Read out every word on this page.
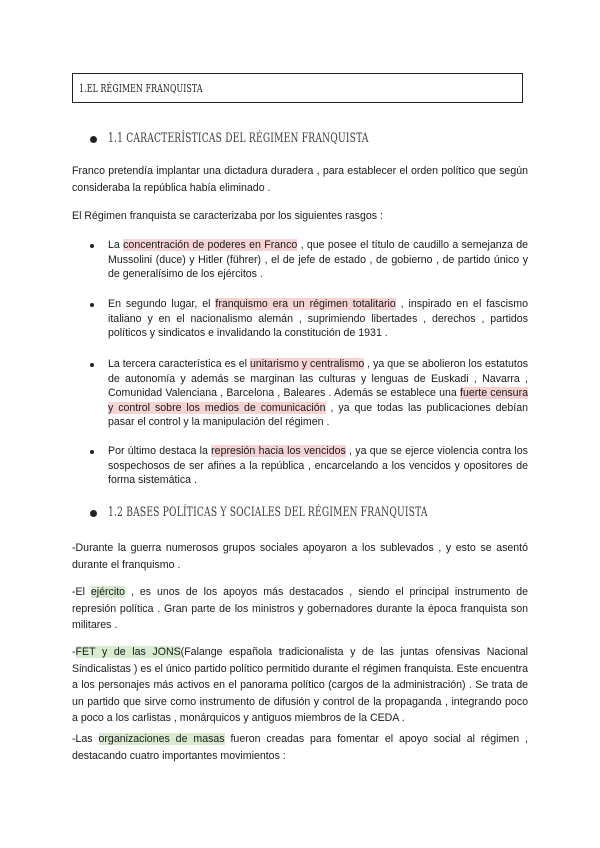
1.EL RÉGIMEN FRANQUISTA
1.1 CARACTERÍSTICAS DEL RÉGIMEN FRANQUISTA

Franco pretendía implantar una dictadura duradera , para establecer el orden político que según consideraba la república había eliminado .

El Régimen franquista se caracterizaba por los siguientes rasgos :

La concentración de poderes en Franco , que posee el título de caudillo a semejanza de Mussolini (duce) y Hitler (führer) , el de jefe de estado , de gobierno , de partido único y de generalísimo de los ejércitos .

En segundo lugar, el franquismo era un régimen totalitario , inspirado en el fascismo italiano y en el nacionalismo alemán , suprimiendo libertades , derechos , partidos políticos y sindicatos e invalidando la constitución de 1931 .

La tercera característica es el unitarismo y centralismo , ya que se abolieron los estatutos de autonomía y además se marginan las culturas y lenguas de Euskadi , Navarra , Comunidad Valenciana , Barcelona , Baleares . Además se establece una fuerte censura y control sobre los medios de comunicación , ya que todas las publicaciones debían pasar el control y la manipulación del régimen .

Por último destaca la represión hacia los vencidos , ya que se ejerce violencia contra los sospechosos de ser afines a la república , encarcelando a los vencidos y opositores de forma sistemática .

1.2 BASES POLÍTICAS Y SOCIALES DEL RÉGIMEN FRANQUISTA

-Durante la guerra numerosos grupos sociales apoyaron a los sublevados , y esto se asentó durante el franquismo .

-El ejército , es unos de los apoyos más destacados , siendo el principal instrumento de represión política . Gran parte de los ministros y gobernadores durante la época franquista son militares .

-FET y de las JONS(Falange española tradicionalista y de las juntas ofensivas Nacional Sindicalistas ) es el único partido político permitido durante el régimen franquista. Este encuentra a los personajes más activos en el panorama político (cargos de la administración) . Se trata de un partido que sirve como instrumento de difusión y control de la propaganda , integrando poco a poco a los carlistas , monárquicos y antiguos miembros de la CEDA .

-Las organizaciones de masas fueron creadas para fomentar el apoyo social al régimen , destacando cuatro importantes movimientos :
